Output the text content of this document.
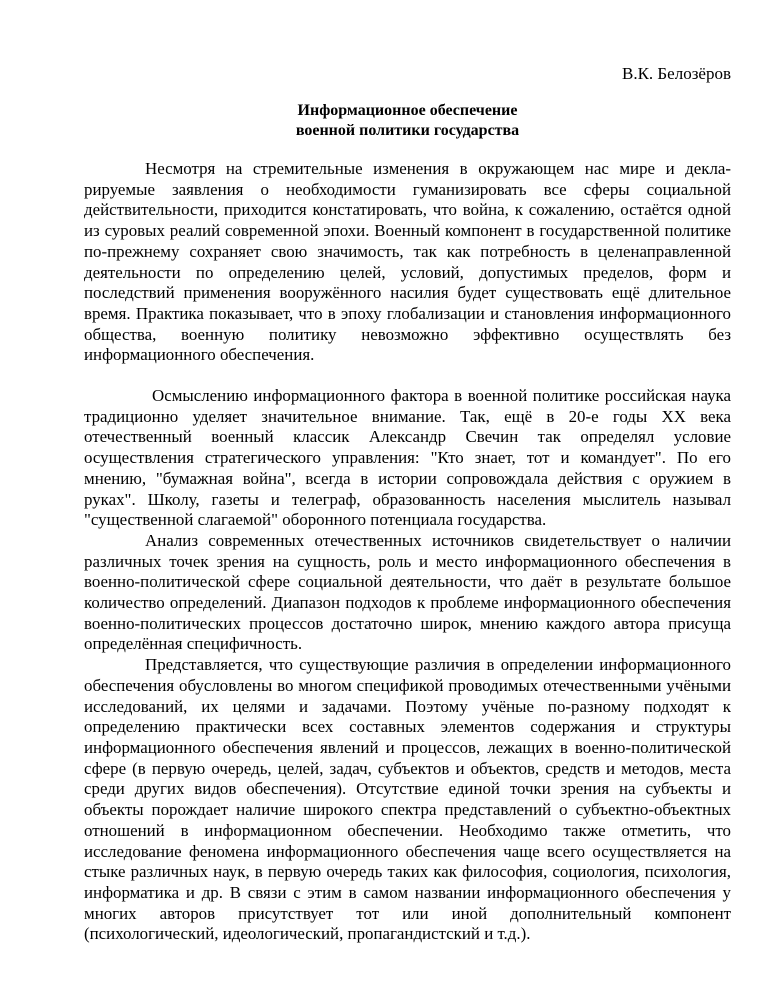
В.К. Белозёров

Информационное обеспечение
военной политики государства

Несмотря на стремительные изменения в окружающем нас мире и декларируемые заявления о необходимости гуманизировать все сферы социальной действительности, приходится констатировать, что война, к сожалению, остаётся одной из суровых реалий современной эпохи. Военный компонент в государственной политике по-прежнему сохраняет свою значимость, так как потребность в целенаправленной деятельности по определению целей, условий, допустимых пределов, форм и последствий применения вооружённого насилия будет существовать ещё длительное время. Практика показывает, что в эпоху глобализации и становления информационного общества, военную политику невозможно эффективно осуществлять без информационного обеспечения.

Осмыслению информационного фактора в военной политике российская наука традиционно уделяет значительное внимание. Так, ещё в 20-е годы XX века отечественный военный классик Александр Свечин так определял условие осуществления стратегического управления: "Кто знает, тот и командует". По его мнению, "бумажная война", всегда в истории сопровождала действия с оружием в руках". Школу, газеты и телеграф, образованность населения мыслитель называл "существенной слагаемой" оборонного потенциала государства.

Анализ современных отечественных источников свидетельствует о наличии различных точек зрения на сущность, роль и место информационного обеспечения в военно-политической сфере социальной деятельности, что даёт в результате большое количество определений. Диапазон подходов к проблеме информационного обеспечения военно-политических процессов достаточно широк, мнению каждого автора присуща определённая специфичность.

Представляется, что существующие различия в определении информационного обеспечения обусловлены во многом спецификой проводимых отечественными учёными исследований, их целями и задачами. Поэтому учёные по-разному подходят к определению практически всех составных элементов содержания и структуры информационного обеспечения явлений и процессов, лежащих в военно-политической сфере (в первую очередь, целей, задач, субъектов и объектов, средств и методов, места среди других видов обеспечения). Отсутствие единой точки зрения на субъекты и объекты порождает наличие широкого спектра представлений о субъектно-объектных отношений в информационном обеспечении. Необходимо также отметить, что исследование феномена информационного обеспечения чаще всего осуществляется на стыке различных наук, в первую очередь таких как философия, социология, психология, информатика и др. В связи с этим в самом названии информационного обеспечения у многих авторов присутствует тот или иной дополнительный компонент (психологический, идеологический, пропагандистский и т.д.).
